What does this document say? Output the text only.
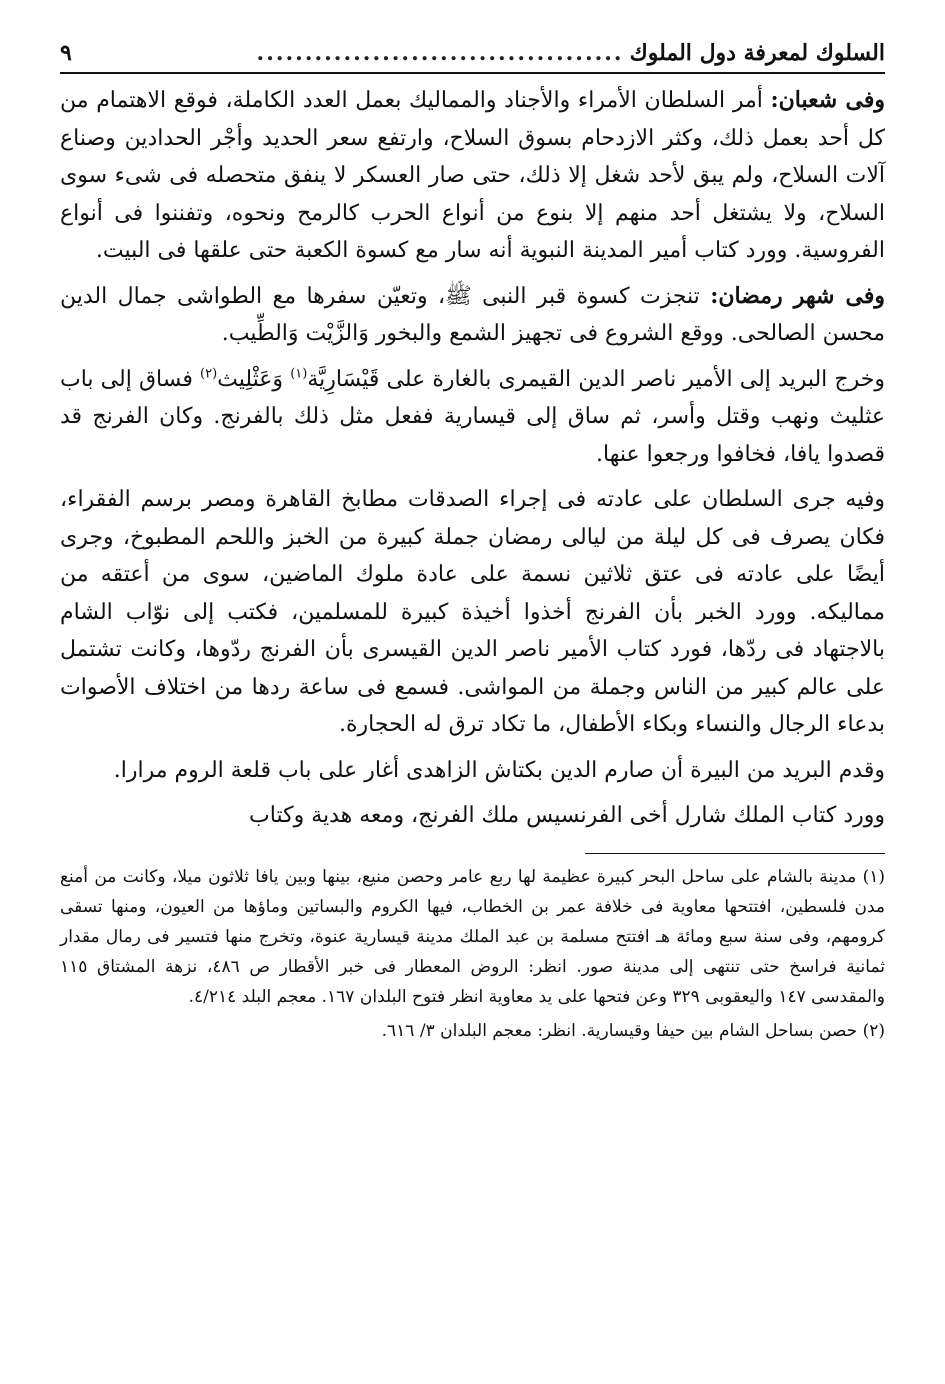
السلوك لمعرفة دول الملوك
......................................
٩

وفى شعبان: أمر السلطان الأمراء والأجناد والمماليك بعمل العدد الكاملة، فوقع الاهتمام من كل أحد بعمل ذلك، وكثر الازدحام بسوق السلاح، وارتفع سعر الحديد وأجْر الحدادين وصناع آلات السلاح، ولم يبق لأحد شغل إلا ذلك، حتى صار العسكر لا ينفق متحصله فى شىء سوى السلاح، ولا يشتغل أحد منهم إلا بنوع من أنواع الحرب كالرمح ونحوه، وتفننوا فى أنواع الفروسية. وورد كتاب أمير المدينة النبوية أنه سار مع كسوة الكعبة حتى علقها فى البيت.

وفى شهر رمضان: تنجزت كسوة قبر النبى ﷺ، وتعيّن سفرها مع الطواشى جمال الدين محسن الصالحى. ووقع الشروع فى تجهيز الشمع والبخور وَالزَّيْت وَالطِّيب.

وخرج البريد إلى الأمير ناصر الدين القيمرى بالغارة على قَيْسَارِيَّة$^{(١)}$ وَعَثْلِيث$^{(٢)}$ فساق إلى باب عثليث ونهب وقتل وأسر، ثم ساق إلى قيسارية ففعل مثل ذلك بالفرنج. وكان الفرنج قد قصدوا يافا، فخافوا ورجعوا عنها.

وفيه جرى السلطان على عادته فى إجراء الصدقات مطابخ القاهرة ومصر برسم الفقراء، فكان يصرف فى كل ليلة من ليالى رمضان جملة كبيرة من الخبز واللحم المطبوخ، وجرى أيضًا على عادته فى عتق ثلاثين نسمة على عادة ملوك الماضين، سوى من أعتقه من مماليكه. وورد الخبر بأن الفرنج أخذوا أخيذة كبيرة للمسلمين، فكتب إلى نوّاب الشام بالاجتهاد فى ردّها، فورد كتاب الأمير ناصر الدين القيسرى بأن الفرنج ردّوها، وكانت تشتمل على عالم كبير من الناس وجملة من المواشى. فسمع فى ساعة ردها من اختلاف الأصوات بدعاء الرجال والنساء وبكاء الأطفال، ما تكاد ترق له الحجارة.

وقدم البريد من البيرة أن صارم الدين بكتاش الزاهدى أغار على باب قلعة الروم مرارا.

وورد كتاب الملك شارل أخى الفرنسيس ملك الفرنج، ومعه هدية وكتاب

(١) مدينة بالشام على ساحل البحر كبيرة عظيمة لها ربع عامر وحصن منيع، بينها وبين يافا ثلاثون ميلا، وكانت من أمنع مدن فلسطين، افتتحها معاوية فى خلافة عمر بن الخطاب، فيها الكروم والبساتين وماؤها من العيون، ومنها تسقى كرومهم، وفى سنة سبع ومائة هـ افتتح مسلمة بن عبد الملك مدينة قيسارية عنوة، وتخرج منها فتسير فى رمال مقدار ثمانية فراسخ حتى تنتهى إلى مدينة صور. انظر: الروض المعطار فى خبر الأقطار ص ٤٨٦، نزهة المشتاق ١١٥ والمقدسى ١٤٧ واليعقوبى ٣٢٩ وعن فتحها على يد معاوية انظر فتوح البلدان ١٦٧. معجم البلد ٤/٢١٤.

(٢) حصن بساحل الشام بين حيفا وقيسارية. انظر: معجم البلدان ٣/ ٦١٦.
